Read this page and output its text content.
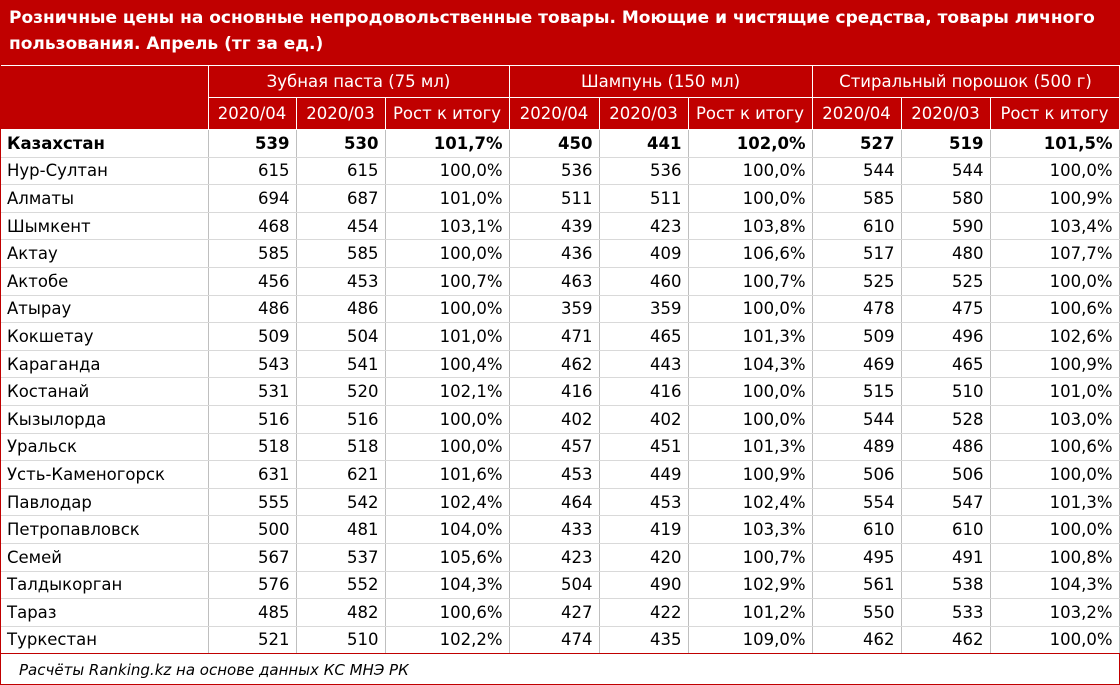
Розничные цены на основные непродовольственные товары. Моющие и чистящие средства, товары личного пользования. Апрель (тг за ед.)
	Зубная паста (75 мл)			Шампунь (150 мл)			Стиральный порошок (500 г)		
	2020/04	2020/03	Рост к итогу	2020/04	2020/03	Рост к итогу	2020/04	2020/03	Рост к итогу
Казахстан	539	530	101,7%	450	441	102,0%	527	519	101,5%
Нур-Султан	615	615	100,0%	536	536	100,0%	544	544	100,0%
Алматы	694	687	101,0%	511	511	100,0%	585	580	100,9%
Шымкент	468	454	103,1%	439	423	103,8%	610	590	103,4%
Актау	585	585	100,0%	436	409	106,6%	517	480	107,7%
Актобе	456	453	100,7%	463	460	100,7%	525	525	100,0%
Атырау	486	486	100,0%	359	359	100,0%	478	475	100,6%
Кокшетау	509	504	101,0%	471	465	101,3%	509	496	102,6%
Караганда	543	541	100,4%	462	443	104,3%	469	465	100,9%
Костанай	531	520	102,1%	416	416	100,0%	515	510	101,0%
Кызылорда	516	516	100,0%	402	402	100,0%	544	528	103,0%
Уральск	518	518	100,0%	457	451	101,3%	489	486	100,6%
Усть-Каменогорск	631	621	101,6%	453	449	100,9%	506	506	100,0%
Павлодар	555	542	102,4%	464	453	102,4%	554	547	101,3%
Петропавловск	500	481	104,0%	433	419	103,3%	610	610	100,0%
Семей	567	537	105,6%	423	420	100,7%	495	491	100,8%
Талдыкорган	576	552	104,3%	504	490	102,9%	561	538	104,3%
Тараз	485	482	100,6%	427	422	101,2%	550	533	103,2%
Туркестан	521	510	102,2%	474	435	109,0%	462	462	100,0%
Расчёты Ranking.kz на основе данных КС МНЭ РК
